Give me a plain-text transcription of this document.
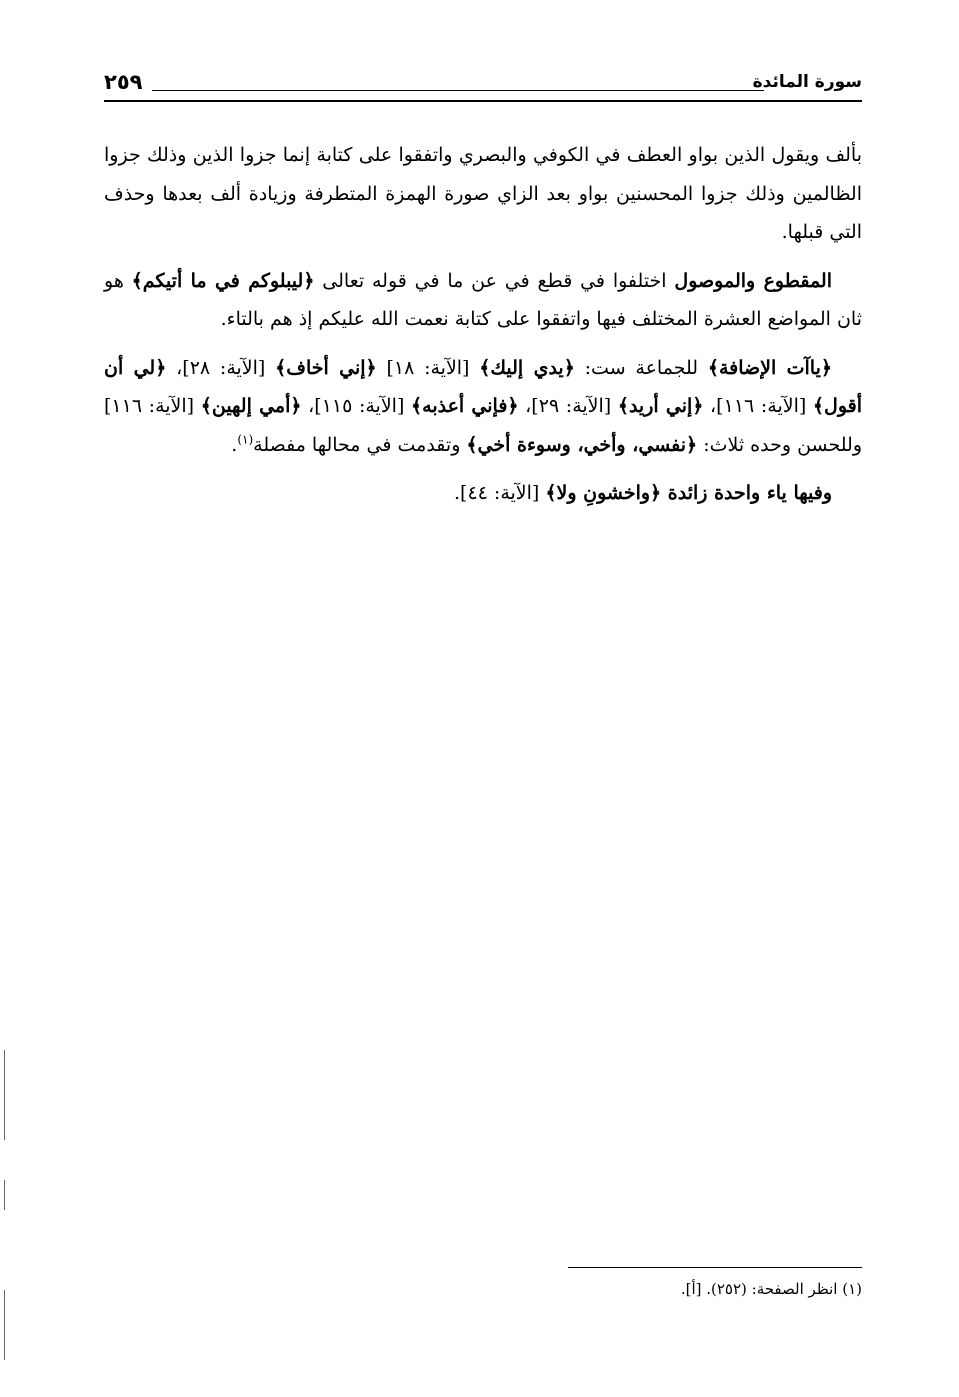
٢٥٩	سورة المائدة

بألف ويقول الذين بواو العطف في الكوفي والبصري واتفقوا على كتابة إنما جزوا الذين وذلك جزوا الظالمين وذلك جزوا المحسنين بواو بعد الزاي صورة الهمزة المتطرفة وزيادة ألف بعدها وحذف التي قبلها.

المقطوع والموصول اختلفوا في قطع في عن ما في قوله تعالى ﴿ليبلوكم في ما أتيكم﴾ هو ثان المواضع العشرة المختلف فيها واتفقوا على كتابة نعمت الله عليكم إذ هم بالتاء.

﴿ياآت الإضافة﴾ للجماعة ست: ﴿يدي إليك﴾ [الآية: ١٨] ﴿إني أخاف﴾ [الآية: ٢٨]، ﴿لي أن أقول﴾ [الآية: ١١٦]، ﴿إني أريد﴾ [الآية: ٢٩]، ﴿فإني أعذبه﴾ [الآية: ١١٥]، ﴿أمي إلهين﴾ [الآية: ١١٦] وللحسن وحده ثلاث: ﴿نفسي، وأخي، وسوءة أخي﴾ وتقدمت في محالها مفصلة$^{(١)}$.

وفيها ياء واحدة زائدة ﴿واخشونِ ولا﴾ [الآية: ٤٤].

(١) انظر الصفحة: (٢٥٢). [أ].
